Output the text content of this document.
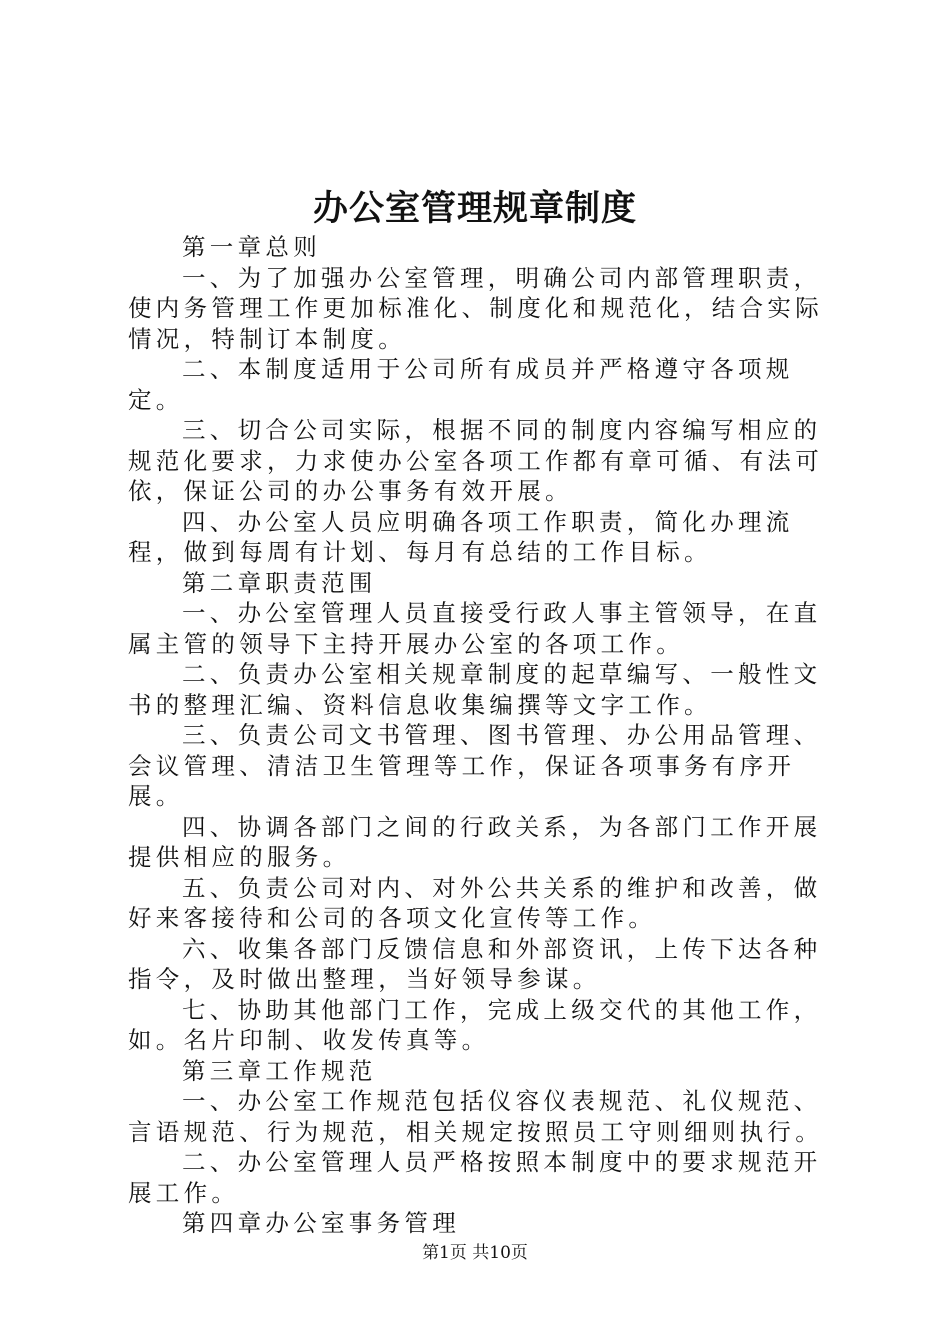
办公室管理规章制度

第一章总则

一、为了加强办公室管理，明确公司内部管理职责，使内务管理工作更加标准化、制度化和规范化，结合实际情况，特制订本制度。

二、本制度适用于公司所有成员并严格遵守各项规定。

三、切合公司实际，根据不同的制度内容编写相应的规范化要求，力求使办公室各项工作都有章可循、有法可依，保证公司的办公事务有效开展。

四、办公室人员应明确各项工作职责，简化办理流程，做到每周有计划、每月有总结的工作目标。

第二章职责范围

一、办公室管理人员直接受行政人事主管领导，在直属主管的领导下主持开展办公室的各项工作。

二、负责办公室相关规章制度的起草编写、一般性文书的整理汇编、资料信息收集编撰等文字工作。

三、负责公司文书管理、图书管理、办公用品管理、会议管理、清洁卫生管理等工作，保证各项事务有序开展。

四、协调各部门之间的行政关系，为各部门工作开展提供相应的服务。

五、负责公司对内、对外公共关系的维护和改善，做好来客接待和公司的各项文化宣传等工作。

六、收集各部门反馈信息和外部资讯，上传下达各种指令，及时做出整理，当好领导参谋。

七、协助其他部门工作，完成上级交代的其他工作，如。名片印制、收发传真等。

第三章工作规范

一、办公室工作规范包括仪容仪表规范、礼仪规范、言语规范、行为规范，相关规定按照员工守则细则执行。

二、办公室管理人员严格按照本制度中的要求规范开展工作。

第四章办公室事务管理

第1页 共10页
